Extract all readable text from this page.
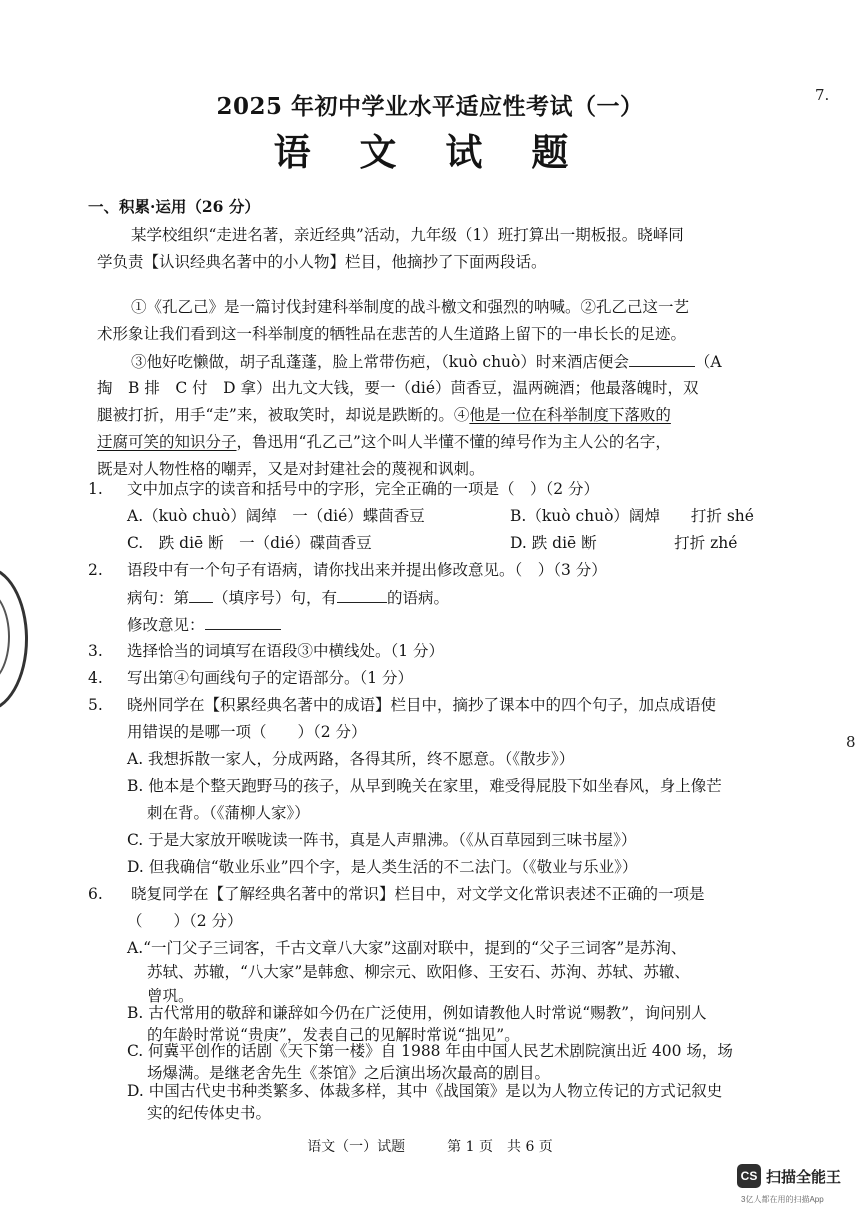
7.
8
2025 年初中学业水平适应性考试（一）
语 文 试 题
一、积累·运用（26 分）
某学校组织“走进名著，亲近经典”活动，九年级（1）班打算出一期板报。晓峄同
学负责【认识经典名著中的小人物】栏目，他摘抄了下面两段话。
①《孔乙己》是一篇讨伐封建科举制度的战斗檄文和强烈的呐喊。②孔乙己这一艺
术形象让我们看到这一科举制度的牺牲品在悲苦的人生道路上留下的一串长长的足迹。
③他好吃懒做，胡子乱蓬蓬，脸上常带伤疤，（kuò chuò）时来酒店便会	（A
掏　B 排　C 付　D 拿）出九文大钱，要一（dié）茴香豆，温两碗酒；他最落魄时，双
腿被打折，用手“走”来，被取笑时，却说是跌断的。④他是一位在科举制度下落败的
迂腐可笑的知识分子，鲁迅用“孔乙己”这个叫人半懂不懂的绰号作为主人公的名字，
既是对人物性格的嘲弄，又是对封建社会的蔑视和讽刺。
1. 文中加点字的读音和括号中的字形，完全正确的一项是（　）（2 分）
A.（kuò chuò）阔绰　一（dié）蝶茴香豆	B.（kuò chuò）阔焯　　打折 shé
C.　跌 diē 断　一（dié）碟茴香豆	D. 跌 diē 断　　　　　打折 zhé
2. 语段中有一个句子有语病，请你找出来并提出修改意见。（　）（3 分）
病句：第 （填序号）句，有	的语病。
修改意见：
3. 选择恰当的词填写在语段③中横线处。（1 分）
4. 写出第④句画线句子的定语部分。（1 分）
5. 晓州同学在【积累经典名著中的成语】栏目中，摘抄了课本中的四个句子，加点成语使
用错误的是哪一项（　　）（2 分）
A. 我想拆散一家人，分成两路，各得其所，终不愿意。（《散步》）
B. 他本是个整天跑野马的孩子，从早到晚关在家里，难受得屁股下如坐春风，身上像芒
刺在背。（《蒲柳人家》）
C. 于是大家放开喉咙读一阵书，真是人声鼎沸。（《从百草园到三味书屋》）
D. 但我确信“敬业乐业”四个字，是人类生活的不二法门。（《敬业与乐业》）
6. 晓复同学在【了解经典名著中的常识】栏目中，对文学文化常识表述不正确的一项是
（　　）（2 分）
A.“一门父子三词客，千古文章八大家”这副对联中，提到的“父子三词客”是苏洵、
苏轼、苏辙，“八大家”是韩愈、柳宗元、欧阳修、王安石、苏洵、苏轼、苏辙、
曾巩。
B. 古代常用的敬辞和谦辞如今仍在广泛使用，例如请教他人时常说“赐教”，询问别人
的年龄时常说“贵庚”，发表自己的见解时常说“拙见”。
C. 何冀平创作的话剧《天下第一楼》自 1988 年由中国人民艺术剧院演出近 400 场，场
场爆满。是继老舍先生《茶馆》之后演出场次最高的剧目。
语文（一）试题　　　第 1 页　共 6 页
CS 扫描全能王
3亿人都在用的扫描App
D. 中国古代史书种类繁多、体裁多样，其中《战国策》是以为人物立传记的方式记叙史
实的纪传体史书。
